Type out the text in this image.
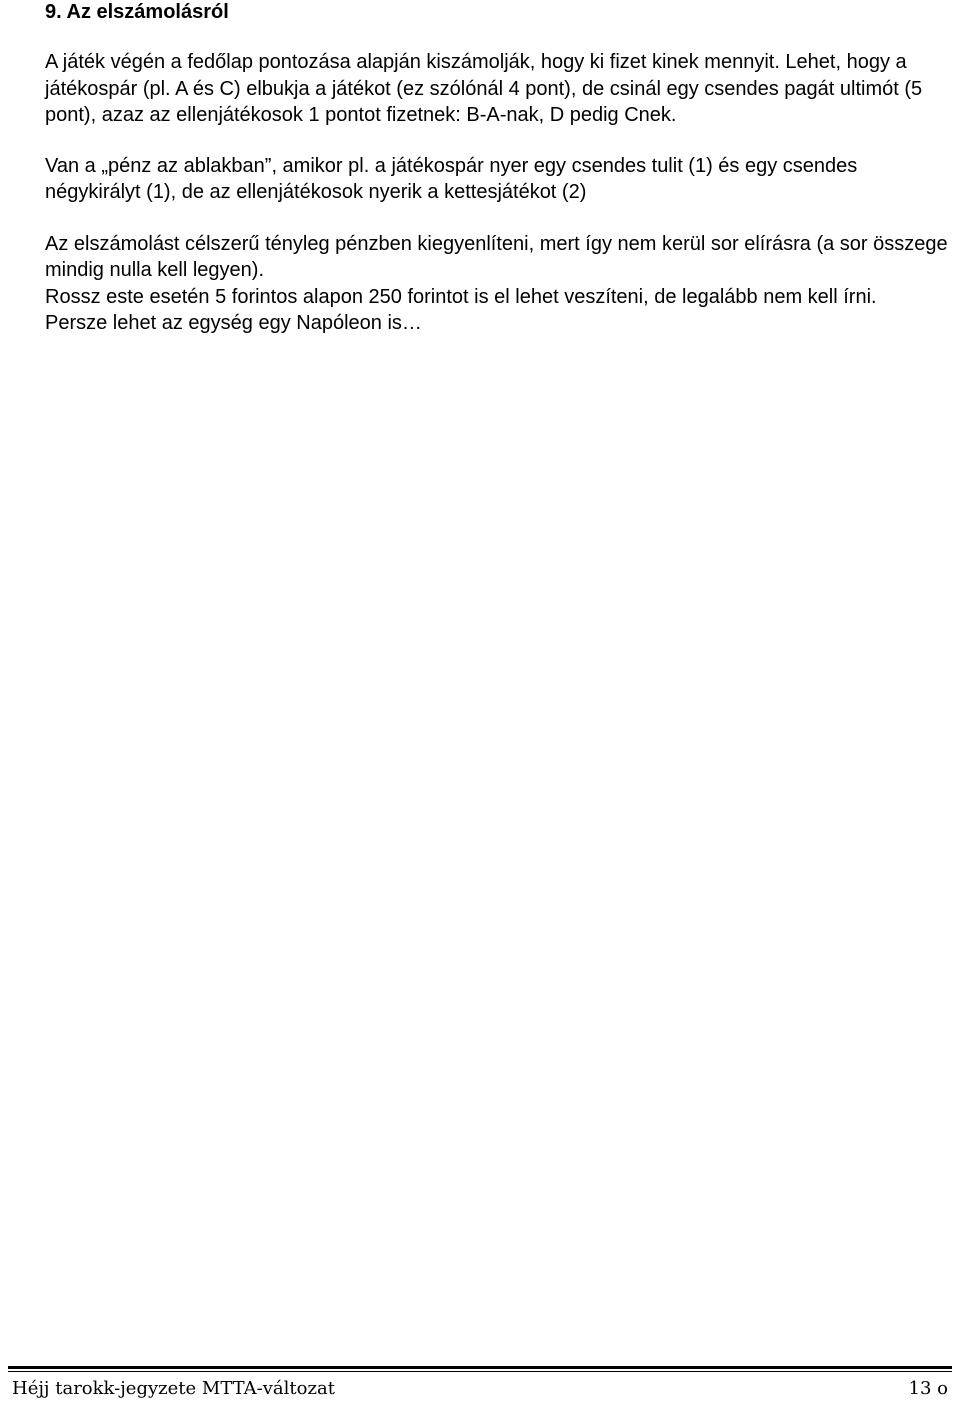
9. Az elszámolásról

A játék végén a fedőlap pontozása alapján kiszámolják, hogy ki fizet kinek mennyit. Lehet, hogy a játékospár (pl. A és C) elbukja a játékot (ez szólónál 4 pont), de csinál egy csendes pagát ultimót (5 pont), azaz az ellenjátékosok 1 pontot fizetnek: B-A-nak, D pedig Cnek.

Van a „pénz az ablakban”, amikor pl. a játékospár nyer egy csendes tulit (1) és egy csendes négykirályt (1), de az ellenjátékosok nyerik a kettesjátékot (2)

Az elszámolást célszerű tényleg pénzben kiegyenlíteni, mert így nem kerül sor elírásra (a sor összege mindig nulla kell legyen).

Rossz este esetén 5 forintos alapon 250 forintot is el lehet veszíteni, de legalább nem kell írni.

Persze lehet az egység egy Napóleon is…

Héjj tarokk-jegyzete MTTA-változat	13 o
